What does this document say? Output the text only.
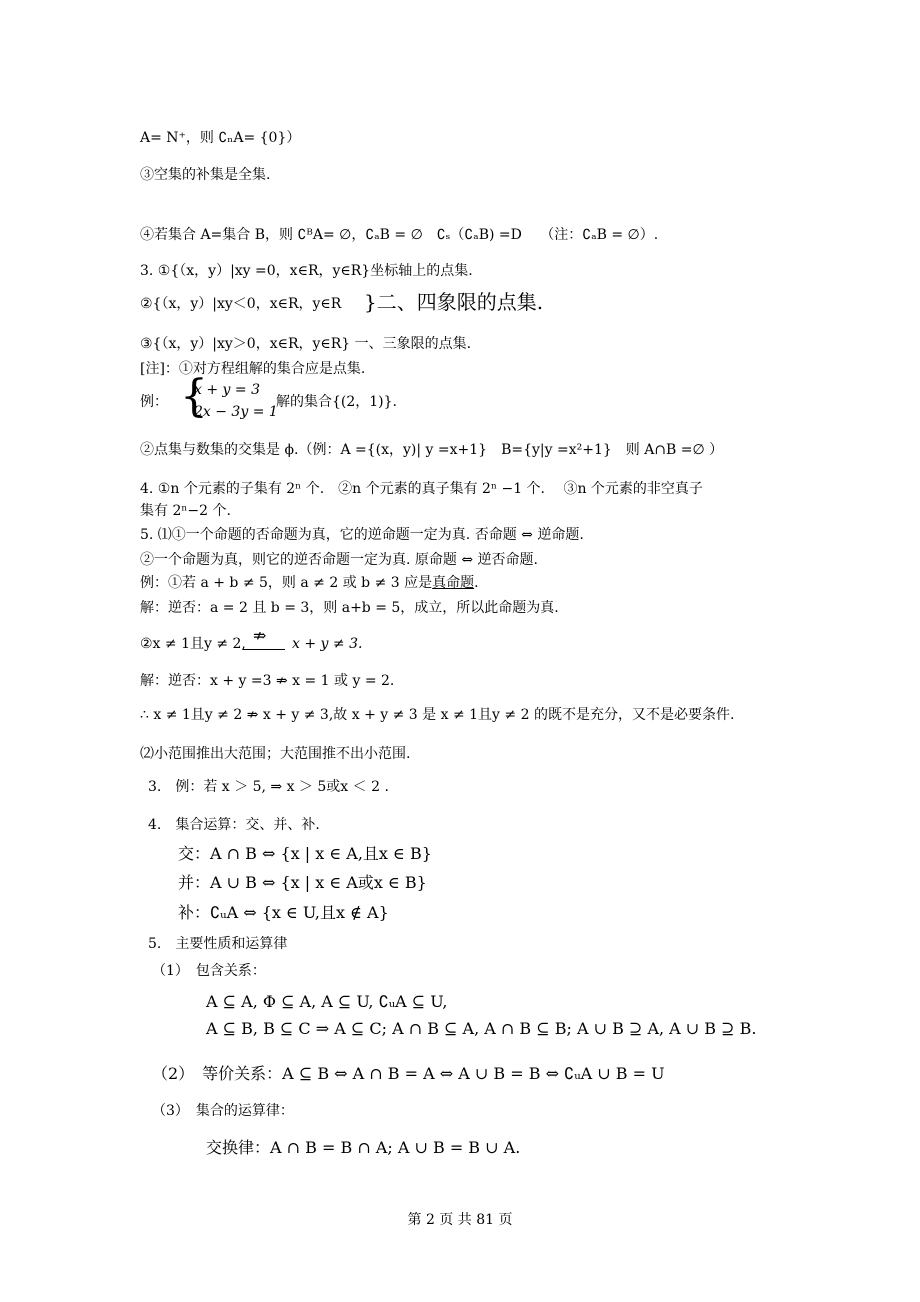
A= N⁺，则 ∁ₙA= {0}）
③空集的补集是全集.
④若集合 A=集合 B，则 ∁ᴮA= ∅，∁ₐB = ∅　∁ₛ（∁ₐB) =D　 （注：∁ₐB = ∅）.
3. ①{（x，y）|xy =0，x∈R，y∈R}坐标轴上的点集.
②{（x，y）|xy＜0，x∈R，y∈R }二、四象限的点集.
③{（x，y）|xy＞0，x∈R，y∈R} 一、三象限的点集.
[注]：①对方程组解的集合应是点集.
例： {
x + y = 3
2x − 3y = 1
解的集合{(2，1)}.
②点集与数集的交集是 ϕ.（例：A ={(x，y)| y =x+1}　B={y|y =x²+1}　则 A∩B =∅ ）
4. ①n 个元素的子集有 2ⁿ 个.　②n 个元素的真子集有 2ⁿ −1 个.　 ③n 个元素的非空真子
集有 2ⁿ−2 个.
5. ⑴①一个命题的否命题为真，它的逆命题一定为真. 否命题 ⇔ 逆命题.
②一个命题为真，则它的逆否命题一定为真. 原命题 ⇔ 逆否命题.
例：①若 a + b ≠ 5，则 a ≠ 2 或 b ≠ 3 应是真命题.
解：逆否：a = 2 且 b = 3，则 a+b = 5，成立，所以此命题为真.
②x ≠ 1且y ≠ 2, ⇏ x + y ≠ 3.
解：逆否：x + y =3 ⇏ x = 1 或 y = 2.
∴ x ≠ 1且y ≠ 2 ⇏ x + y ≠ 3,故 x + y ≠ 3 是 x ≠ 1且y ≠ 2 的既不是充分，又不是必要条件.
⑵小范围推出大范围；大范围推不出小范围.
3.　例：若 x ＞ 5, ⇒ x ＞ 5或x ＜ 2 .
4.　集合运算：交、并、补.
交：A ∩ B ⇔ {x | x ∈ A,且x ∈ B}
并：A ∪ B ⇔ {x | x ∈ A或x ∈ B}
补：∁ᵤA ⇔ {x ∈ U,且x ∉ A}
5.　主要性质和运算律
（1）　包含关系：
A ⊆ A, Φ ⊆ A, A ⊆ U, ∁ᵤA ⊆ U,
A ⊆ B, B ⊆ C ⇒ A ⊆ C; A ∩ B ⊆ A, A ∩ B ⊆ B; A ∪ B ⊇ A, A ∪ B ⊇ B.
（2）　等价关系：A ⊆ B ⇔ A ∩ B = A ⇔ A ∪ B = B ⇔ ∁ᵤA ∪ B = U
（3）　集合的运算律：
交换律：A ∩ B = B ∩ A; A ∪ B = B ∪ A.
第 2 页 共 81 页
